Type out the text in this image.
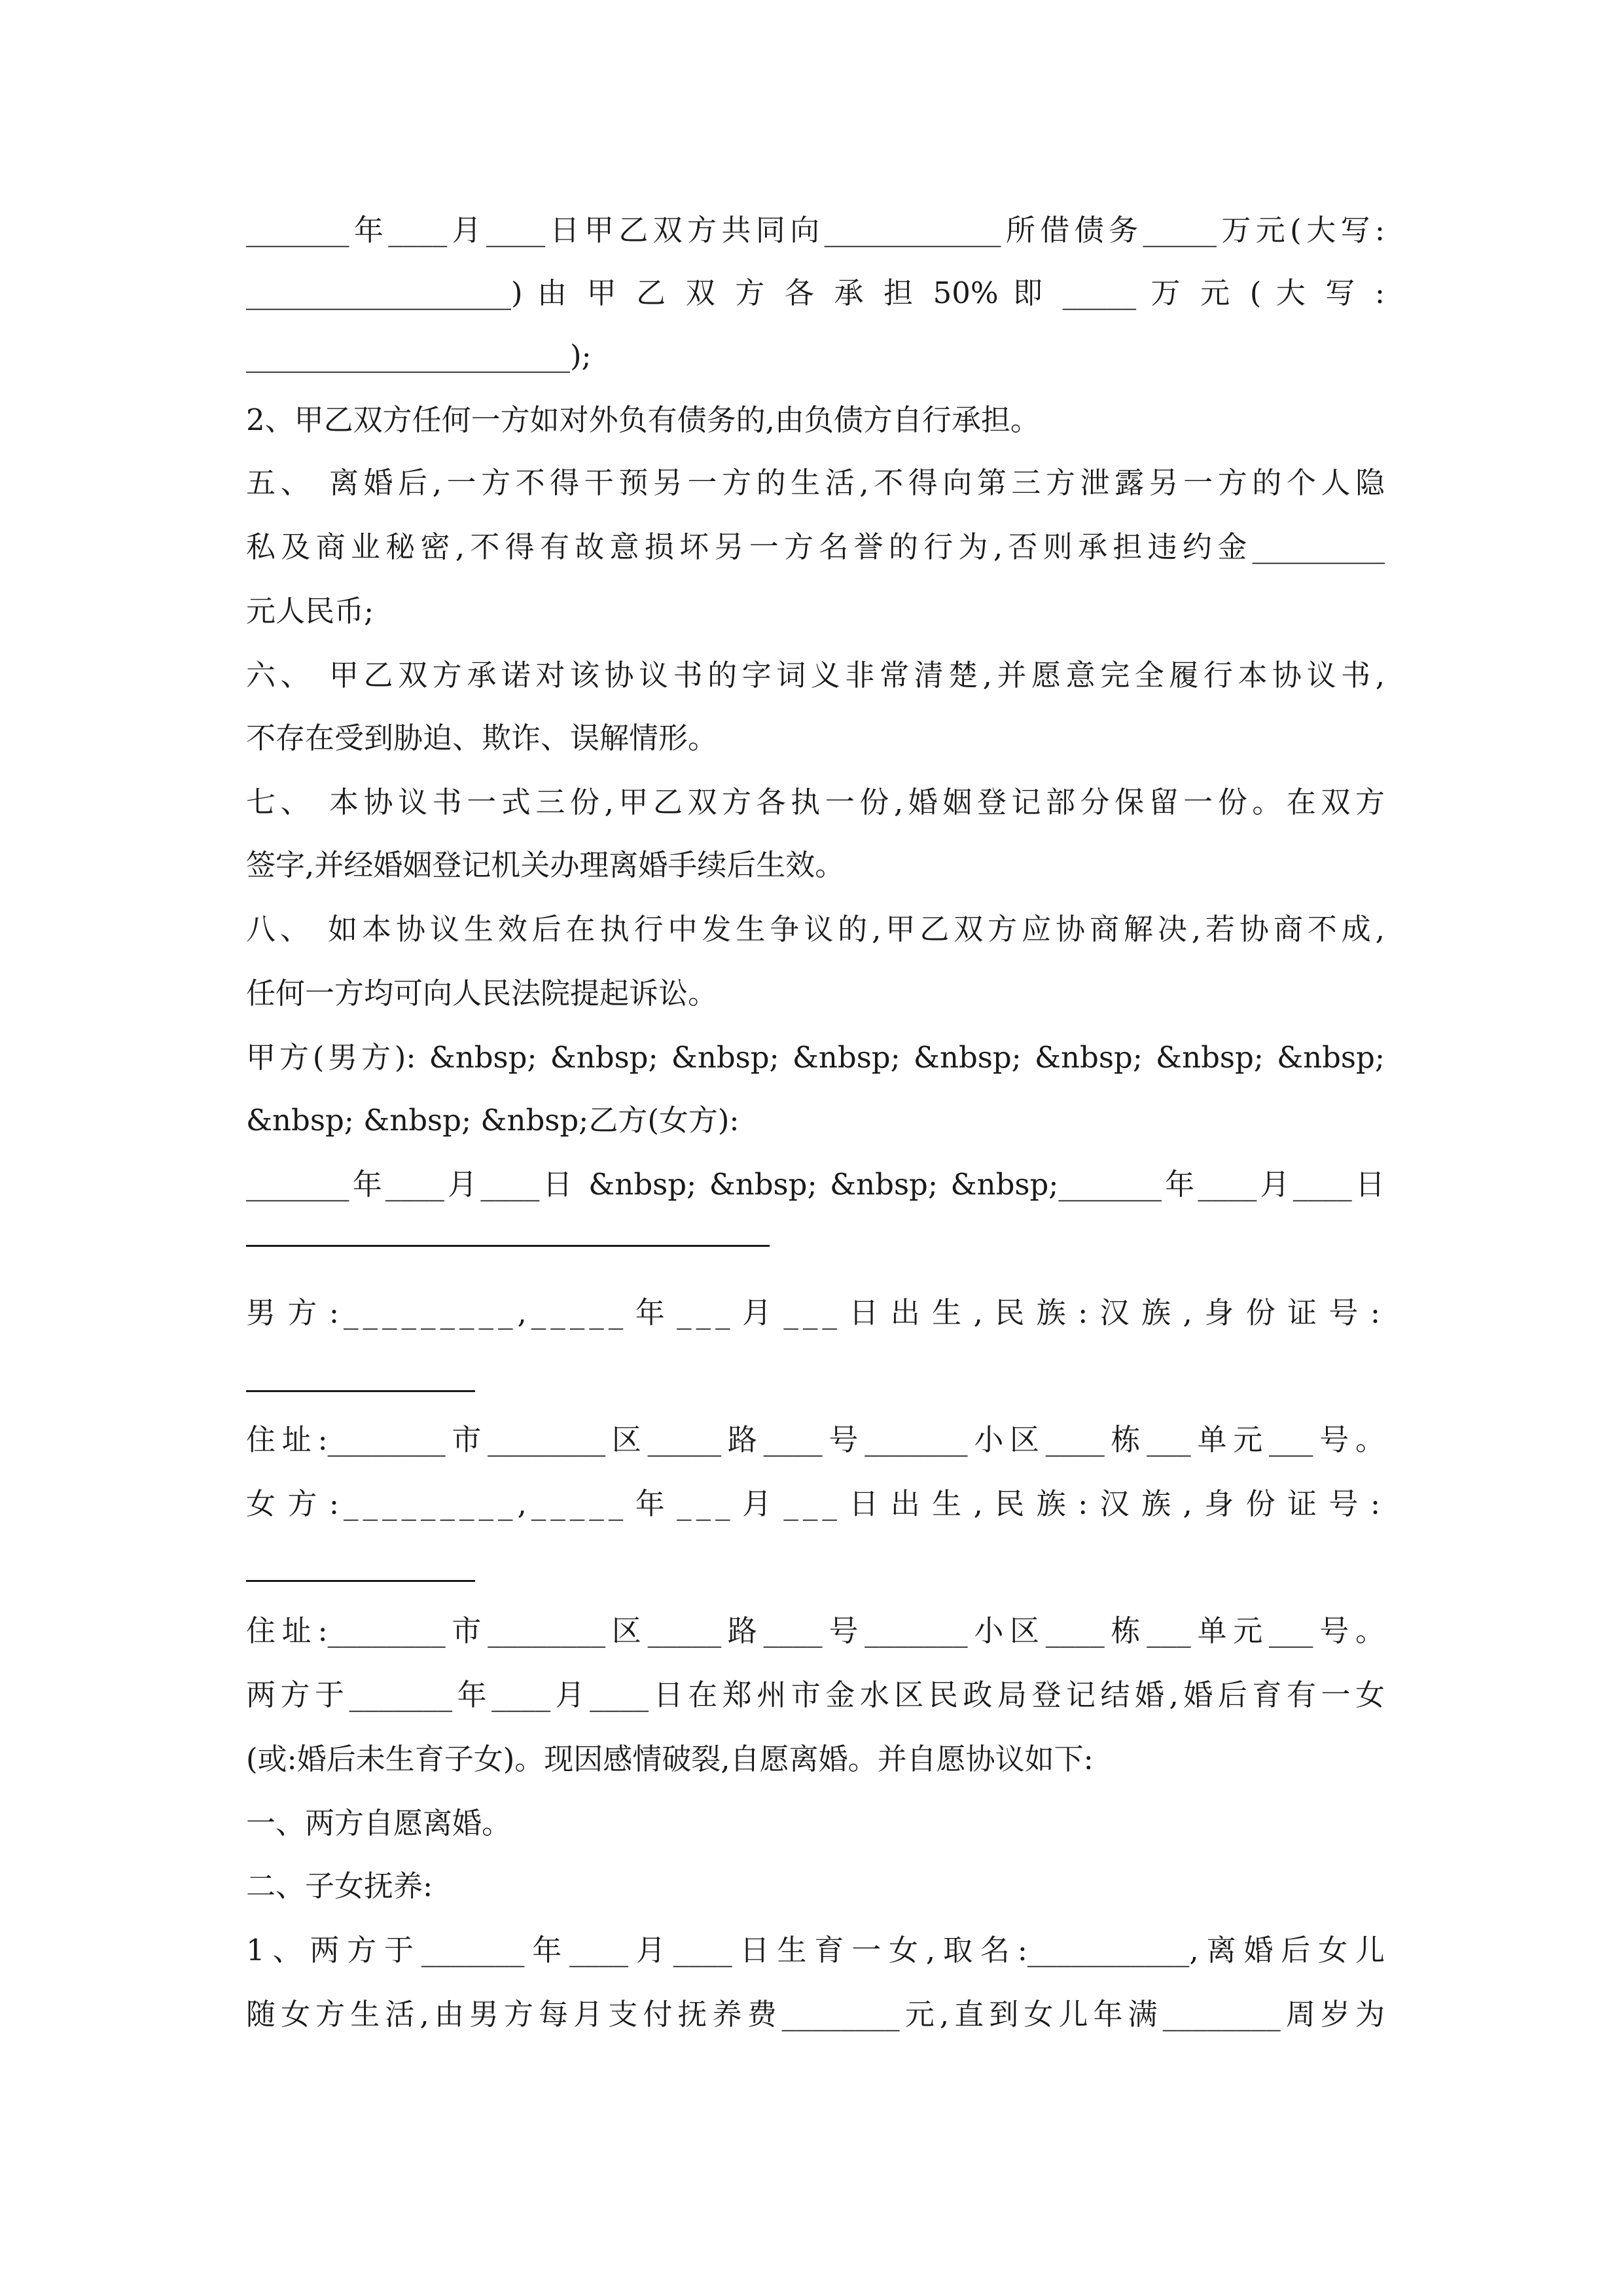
_______年____月____日甲乙双方共同向____________所借债务_____万元(大写:
__________________) 由 甲 乙 双 方 各 承 担 50% 即 _____ 万 元 ( 大 写 :
______________________);
2、甲乙双方任何一方如对外负有债务的,由负债方自行承担。
五、 离婚后,一方不得干预另一方的生活,不得向第三方泄露另一方的个人隐
私及商业秘密,不得有故意损坏另一方名誉的行为,否则承担违约金_________
元人民币;
六、 甲乙双方承诺对该协议书的字词义非常清楚,并愿意完全履行本协议书,
不存在受到胁迫、欺诈、误解情形。
七、 本协议书一式三份,甲乙双方各执一份,婚姻登记部分保留一份。在双方
签字,并经婚姻登记机关办理离婚手续后生效。
八、 如本协议生效后在执行中发生争议的,甲乙双方应协商解决,若协商不成,
任何一方均可向人民法院提起诉讼。
甲方(男方): &nbsp; &nbsp; &nbsp; &nbsp; &nbsp; &nbsp; &nbsp; &nbsp;
&nbsp; &nbsp; &nbsp;乙方(女方):
_______年____月____日 &nbsp; &nbsp; &nbsp; &nbsp;_______年____月____日
男方:_________,_____年___月___日出生,民族:汉族,身份证号:
住址:________市________区_____路____号_______小区____栋___单元___号。
女方:_________,_____年___月___日出生,民族:汉族,身份证号:
住址:________市________区_____路____号_______小区____栋___单元___号。
两方于_______年____月____日在郑州市金水区民政局登记结婚,婚后育有一女
(或:婚后未生育子女)。现因感情破裂,自愿离婚。并自愿协议如下:
一、两方自愿离婚。
二、子女抚养:
1、两方于_______年____月____日生育一女,取名:___________,离婚后女儿
随女方生活,由男方每月支付抚养费________元,直到女儿年满________周岁为
